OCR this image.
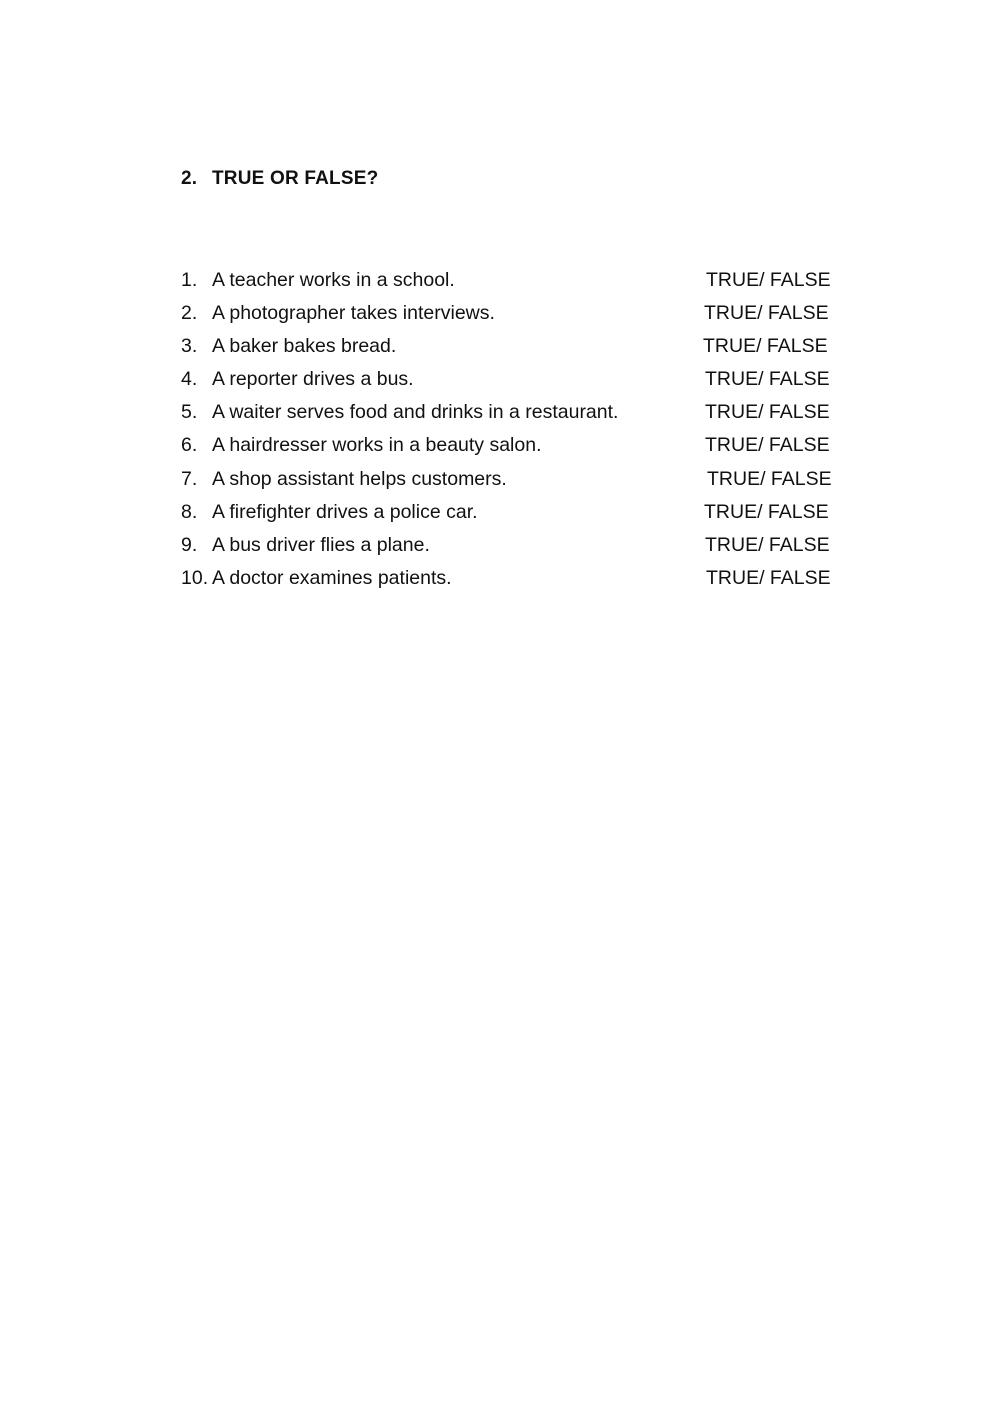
2. TRUE OR FALSE?
1. A teacher works in a school.	TRUE/ FALSE
2. A photographer takes interviews.	TRUE/ FALSE
3. A baker bakes bread.	TRUE/ FALSE
4. A reporter drives a bus.	TRUE/ FALSE
5. A waiter serves food and drinks in a restaurant.	TRUE/ FALSE
6. A hairdresser works in a beauty salon.	TRUE/ FALSE
7. A shop assistant helps customers.	TRUE/ FALSE
8. A firefighter drives a police car.	TRUE/ FALSE
9. A bus driver flies a plane.	TRUE/ FALSE
10. A doctor examines patients.	TRUE/ FALSE
